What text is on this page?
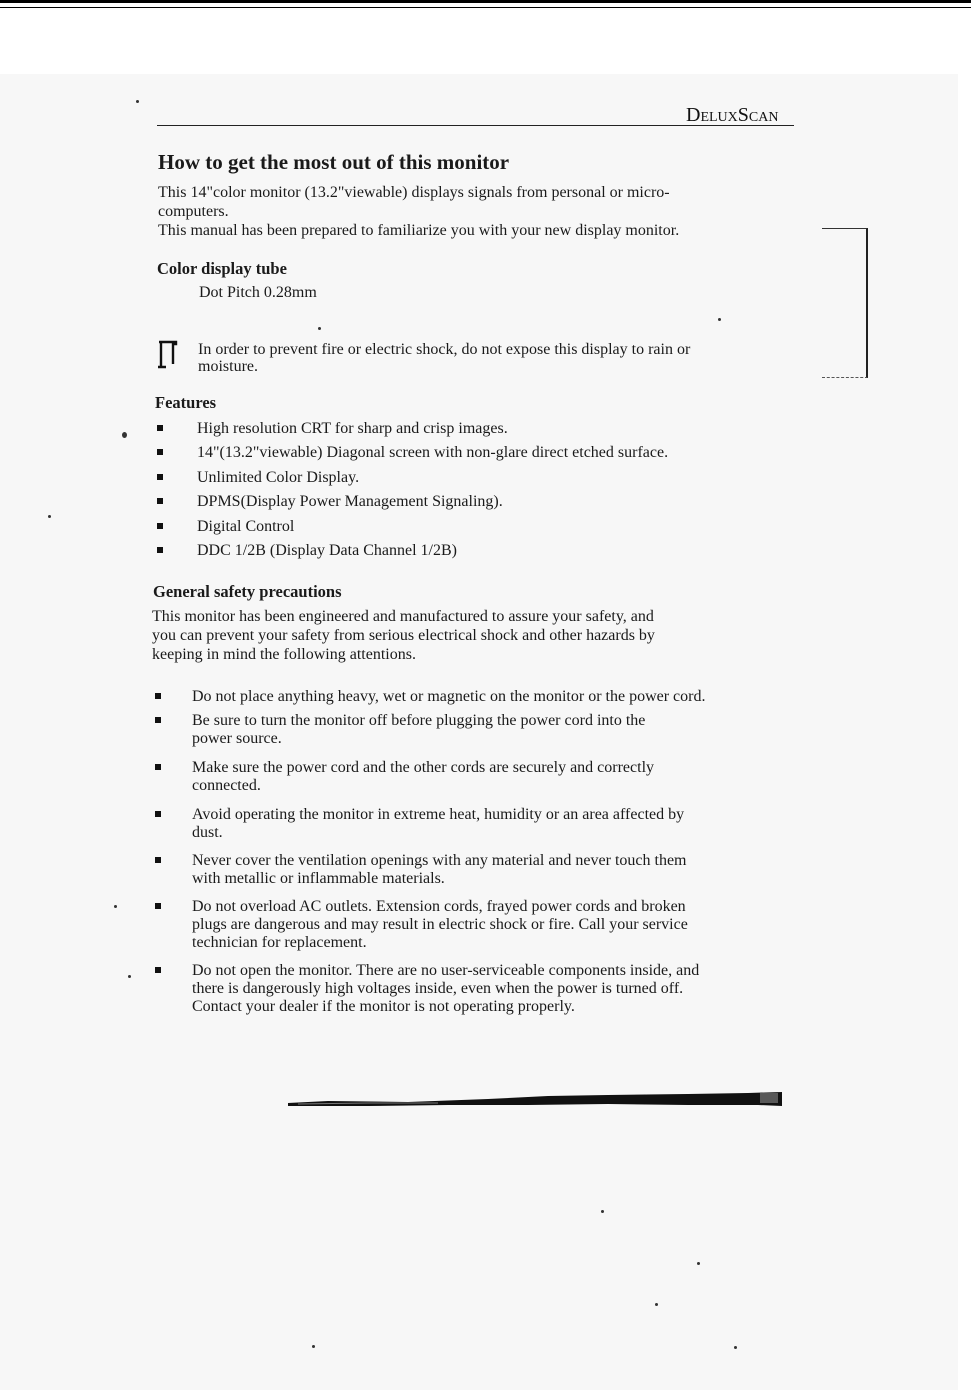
DeluxScan
How to get the most out of this monitor

This 14"color monitor (13.2"viewable) displays signals from personal or micro-

computers.

This manual has been prepared to familiarize you with your new display monitor.

Color display tube

Dot Pitch 0.28mm

In order to prevent fire or electric shock, do not expose this display to rain or

moisture.

Features
High resolution CRT for sharp and crisp images.
14"(13.2"viewable) Diagonal screen with non-glare direct etched surface.
Unlimited Color Display.
DPMS(Display Power Management Signaling).
Digital Control
DDC 1/2B (Display Data Channel 1/2B)
General safety precautions

This monitor has been engineered and manufactured to assure your safety, and

you can prevent your safety from serious electrical shock and other hazards by

keeping in mind the following attentions.

Do not place anything heavy, wet or magnetic on the monitor or the power cord.
Be sure to turn the monitor off before plugging the power cord into the
power source.
Make sure the power cord and the other cords are securely and correctly
connected.
Avoid operating the monitor in extreme heat, humidity or an area affected by
dust.
Never cover the ventilation openings with any material and never touch them
with metallic or inflammable materials.
Do not overload AC outlets. Extension cords, frayed power cords and broken
plugs are dangerous and may result in electric shock or fire. Call your service
technician for replacement.
Do not open the monitor. There are no user-serviceable components inside, and
there is dangerously high voltages inside, even when the power is turned off.
Contact your dealer if the monitor is not operating properly.
